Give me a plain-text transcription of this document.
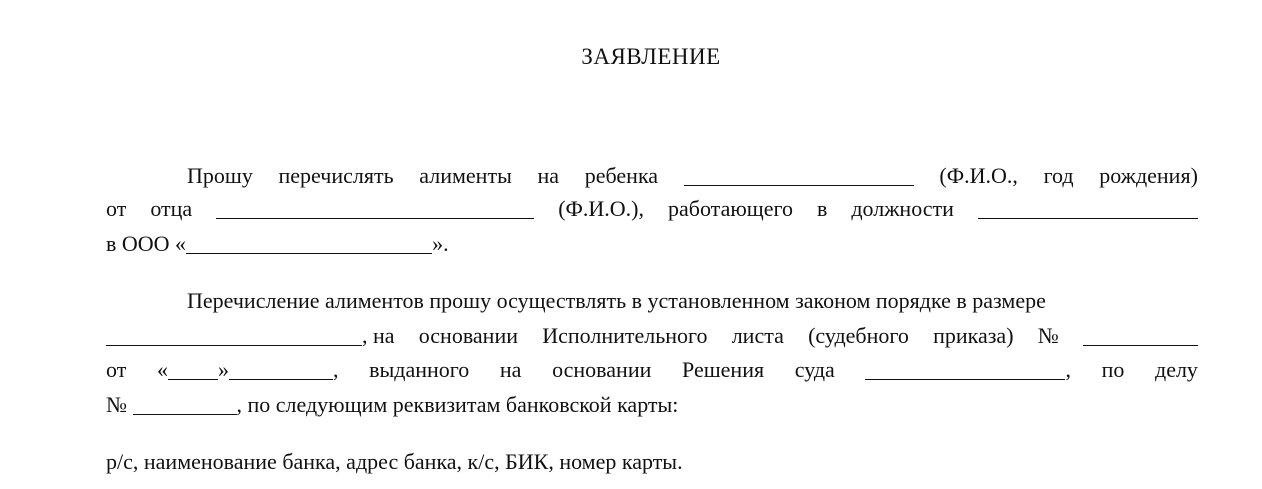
ЗАЯВЛЕНИЕ
Прошу перечислять алименты на ребенка	(Ф.И.О., год рождения)
от отца	(Ф.И.О.), работающего в должности
в ООО «	».
Перечисление алиментов прошу осуществлять в установленном законом порядке в размере
, на основании Исполнительного листа (судебного приказа) №
от « »	, выданного на основании Решения суда	, по делу
№
	, по следующим реквизитам банковской карты:
р/с, наименование банка, адрес банка, к/с, БИК, номер карты.
